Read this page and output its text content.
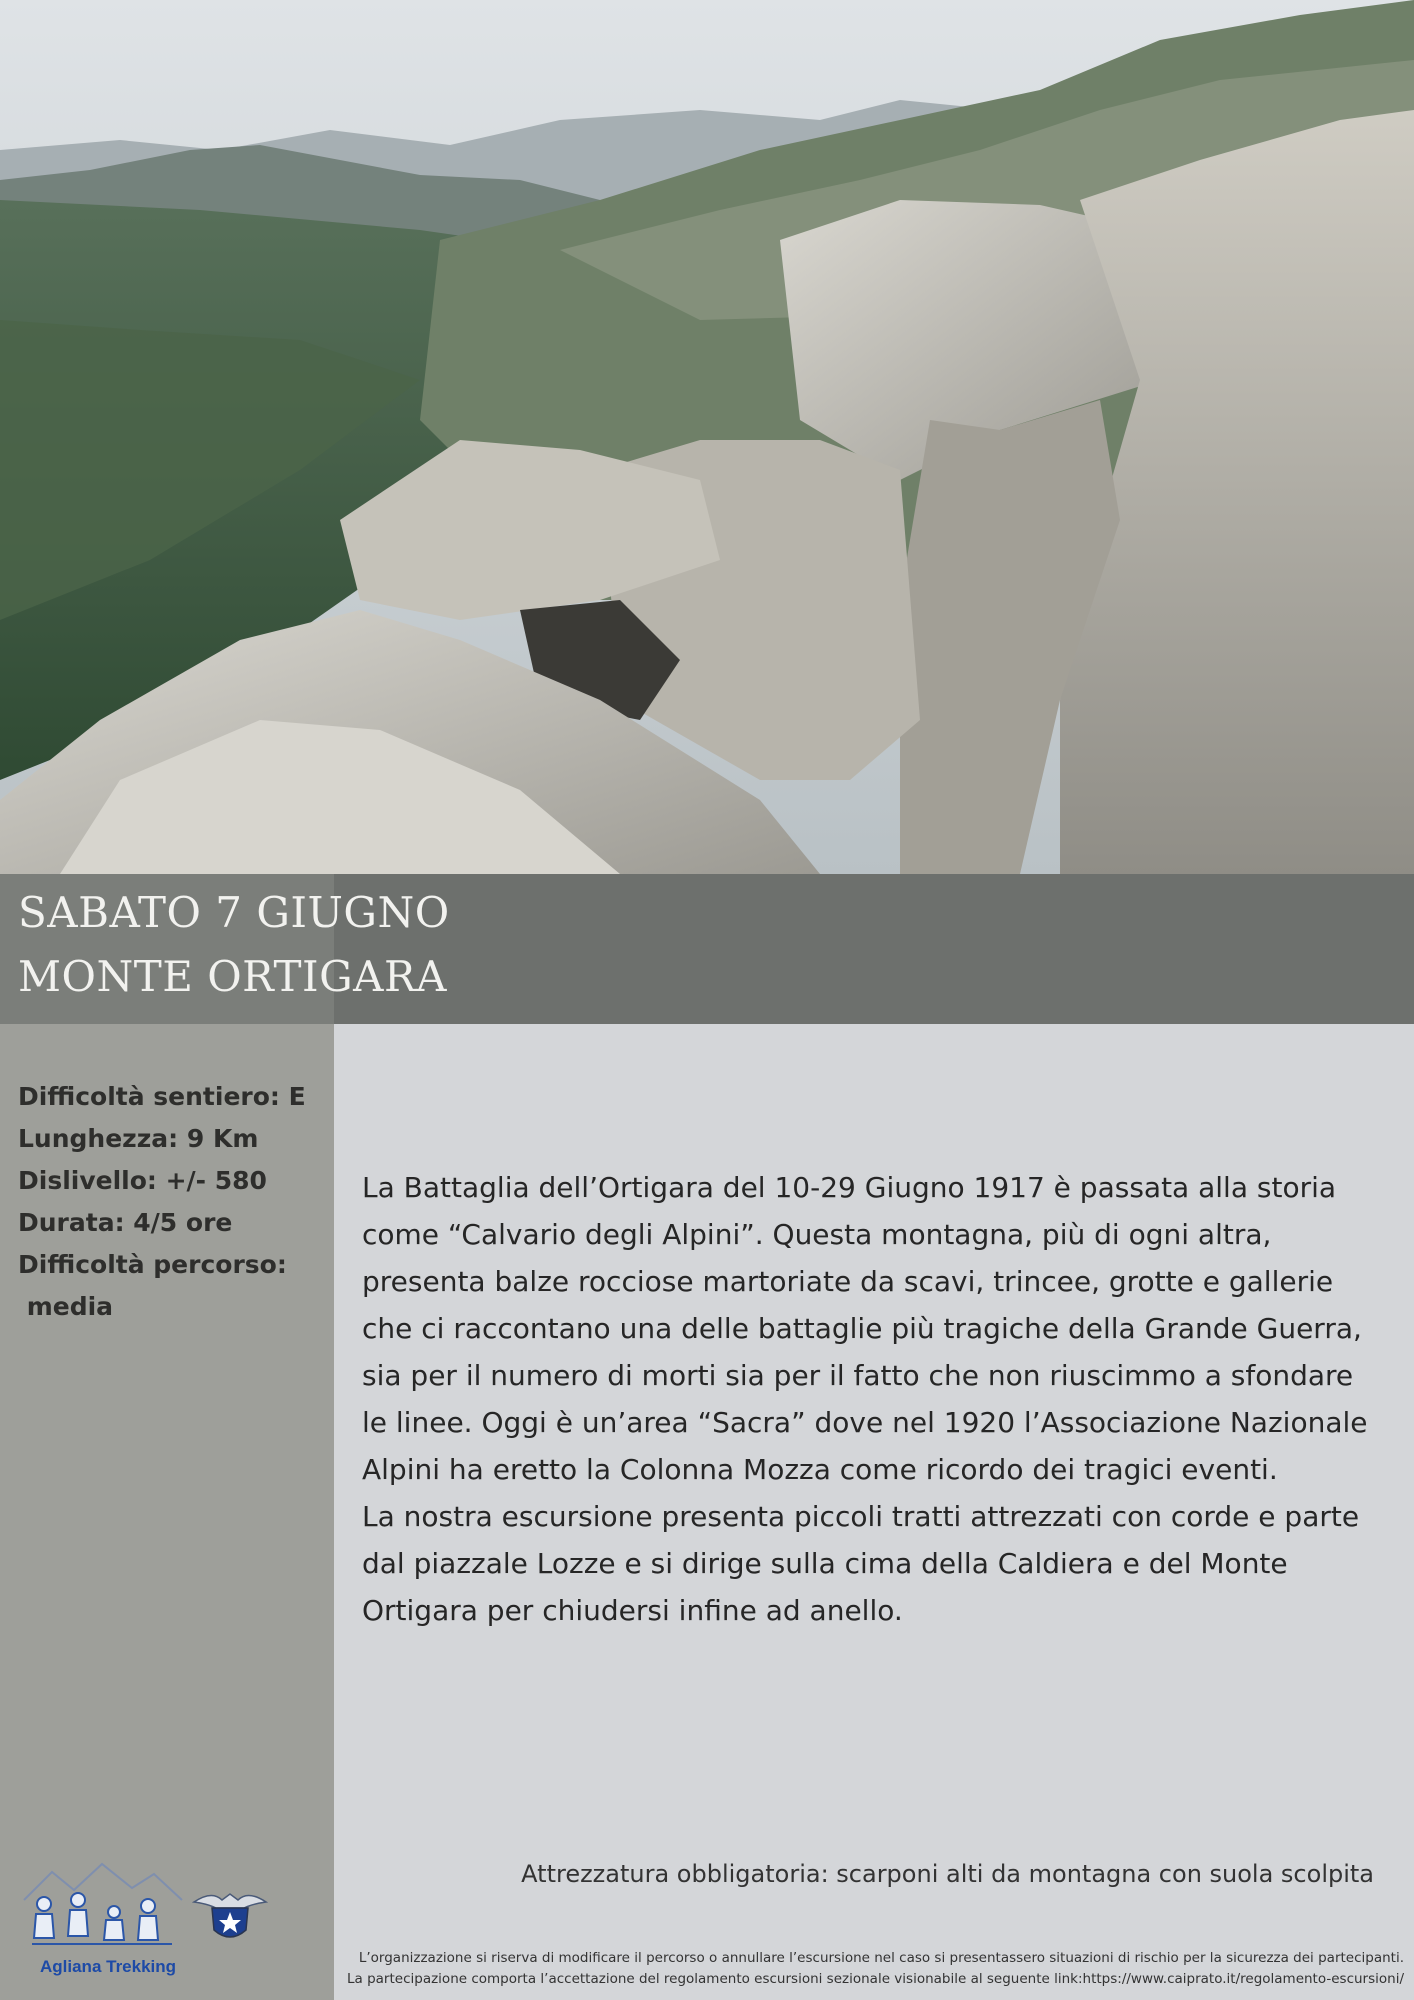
SABATO 7 GIUGNO
MONTE ORTIGARA
Difficoltà sentiero: E
Lunghezza: 9 Km
Dislivello: +/- 580
Durata: 4/5 ore
Difficoltà percorso:
media

La Battaglia dell’Ortigara del 10-29 Giugno 1917 è passata alla storia come “Calvario degli Alpini”. Questa montagna, più di ogni altra, presenta balze rocciose martoriate da scavi, trincee, grotte e gallerie che ci raccontano una delle battaglie più tragiche della Grande Guerra, sia per il numero di morti sia per il fatto che non riuscimmo a sfondare le linee. Oggi è un’area “Sacra” dove nel 1920 l’Associazione Nazionale Alpini ha eretto la Colonna Mozza come ricordo dei tragici eventi.

La nostra escursione presenta piccoli tratti attrezzati con corde e parte dal piazzale Lozze e si dirige sulla cima della Caldiera e del Monte Ortigara per chiudersi infine ad anello.

Attrezzatura obbligatoria: scarponi alti da montagna con suola scolpita
L’organizzazione si riserva di modificare il percorso o annullare l’escursione nel caso si presentassero situazioni di rischio per la sicurezza dei partecipanti.
La partecipazione comporta l’accettazione del regolamento escursioni sezionale visionabile al seguente link:https://www.caiprato.it/regolamento-escursioni/
Agliana Trekking
